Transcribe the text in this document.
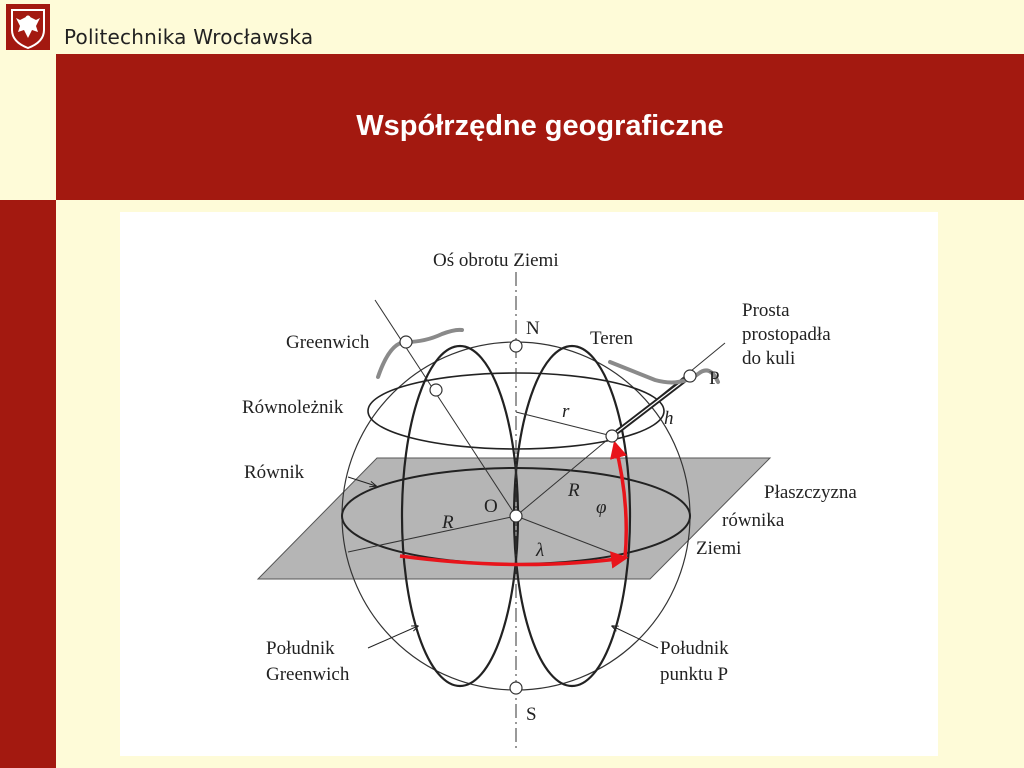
Politechnika Wrocławska
Współrzędne geograficzne
Oś obrotu Ziemi
N
S
Greenwich
Równoleżnik
Równik
O
Teren
Prosta
prostopadła
do kuli
P
h
r
R
R
φ
λ
Płaszczyzna
równika
Ziemi
Południk
Greenwich
Południk
punktu P
